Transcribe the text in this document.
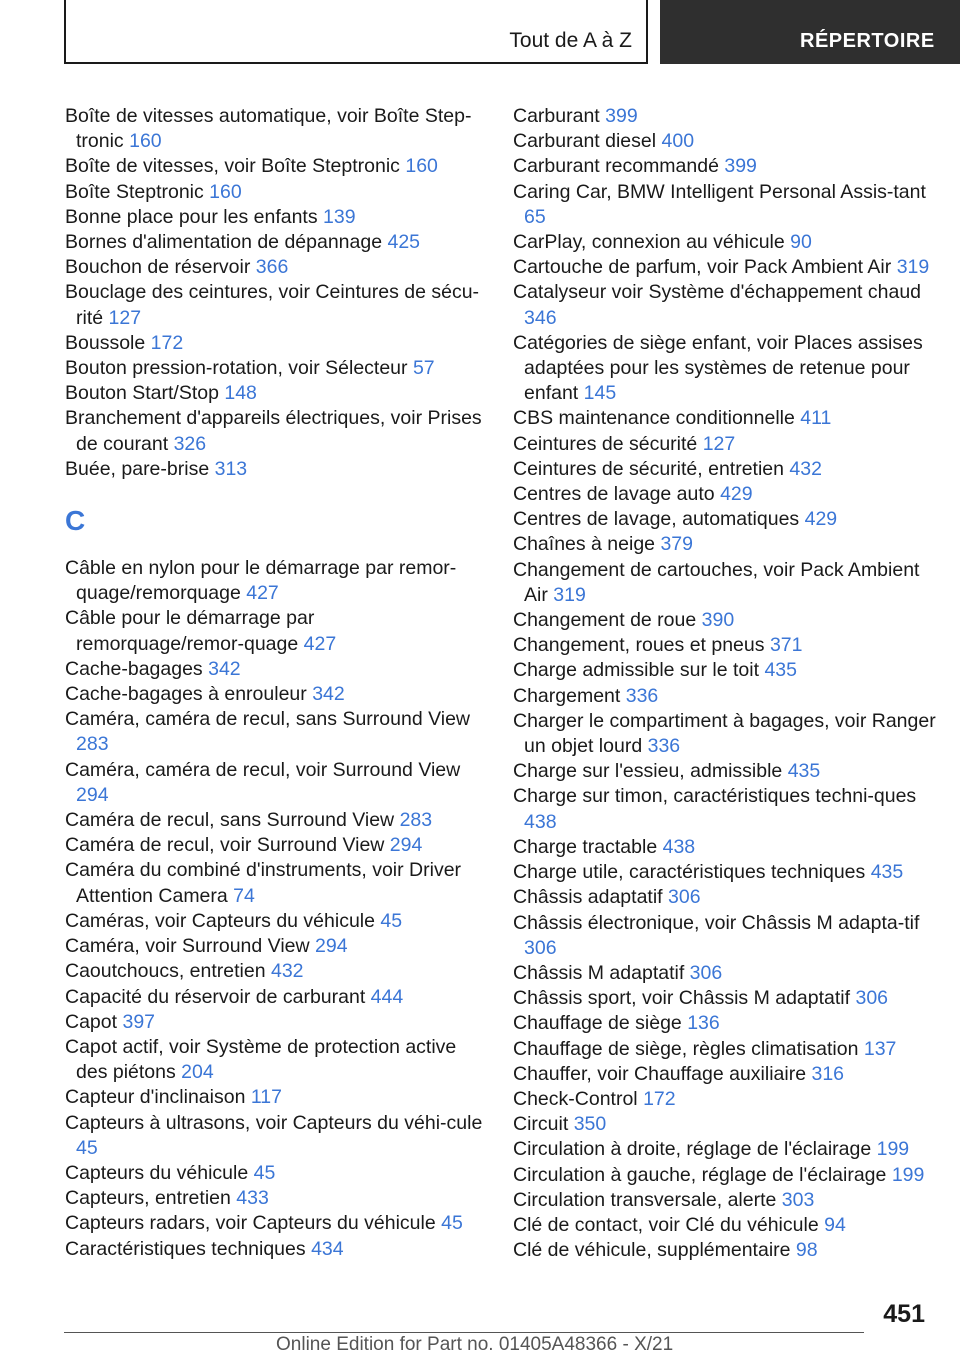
Tout de A à Z	RÉPERTOIRE
Boîte de vitesses automatique, voir Boîte Step‐tronic 160
Boîte de vitesses, voir Boîte Steptronic 160
Boîte Steptronic 160
Bonne place pour les enfants 139
Bornes d'alimentation de dépannage 425
Bouchon de réservoir 366
Bouclage des ceintures, voir Ceintures de sécu‐rité 127
Boussole 172
Bouton pression-rotation, voir Sélecteur 57
Bouton Start/Stop 148
Branchement d'appareils électriques, voir Prises de courant 326
Buée, pare-brise 313
C
Câble en nylon pour le démarrage par remor‐quage/remorquage 427
Câble pour le démarrage par remorquage/remor‐quage 427
Cache-bagages 342
Cache-bagages à enrouleur 342
Caméra, caméra de recul, sans Surround View 283
Caméra, caméra de recul, voir Surround View 294
Caméra de recul, sans Surround View 283
Caméra de recul, voir Surround View 294
Caméra du combiné d'instruments, voir Driver Attention Camera 74
Caméras, voir Capteurs du véhicule 45
Caméra, voir Surround View 294
Caoutchoucs, entretien 432
Capacité du réservoir de carburant 444
Capot 397
Capot actif, voir Système de protection active des piétons 204
Capteur d'inclinaison 117
Capteurs à ultrasons, voir Capteurs du véhi‐cule 45
Capteurs du véhicule 45
Capteurs, entretien 433
Capteurs radars, voir Capteurs du véhicule 45
Caractéristiques techniques 434
Carburant 399
Carburant diesel 400
Carburant recommandé 399
Caring Car, BMW Intelligent Personal Assis‐tant 65
CarPlay, connexion au véhicule 90
Cartouche de parfum, voir Pack Ambient Air 319
Catalyseur voir Système d'échappement chaud 346
Catégories de siège enfant, voir Places assises adaptées pour les systèmes de retenue pour enfant 145
CBS maintenance conditionnelle 411
Ceintures de sécurité 127
Ceintures de sécurité, entretien 432
Centres de lavage auto 429
Centres de lavage, automatiques 429
Chaînes à neige 379
Changement de cartouches, voir Pack Ambient Air 319
Changement de roue 390
Changement, roues et pneus 371
Charge admissible sur le toit 435
Chargement 336
Charger le compartiment à bagages, voir Ranger un objet lourd 336
Charge sur l'essieu, admissible 435
Charge sur timon, caractéristiques techni‐ques 438
Charge tractable 438
Charge utile, caractéristiques techniques 435
Châssis adaptatif 306
Châssis électronique, voir Châssis M adapta‐tif 306
Châssis M adaptatif 306
Châssis sport, voir Châssis M adaptatif 306
Chauffage de siège 136
Chauffage de siège, règles climatisation 137
Chauffer, voir Chauffage auxiliaire 316
Check-Control 172
Circuit 350
Circulation à droite, réglage de l'éclairage 199
Circulation à gauche, réglage de l'éclairage 199
Circulation transversale, alerte 303
Clé de contact, voir Clé du véhicule 94
Clé de véhicule, supplémentaire 98
451
Online Edition for Part no. 01405A48366 - X/21
